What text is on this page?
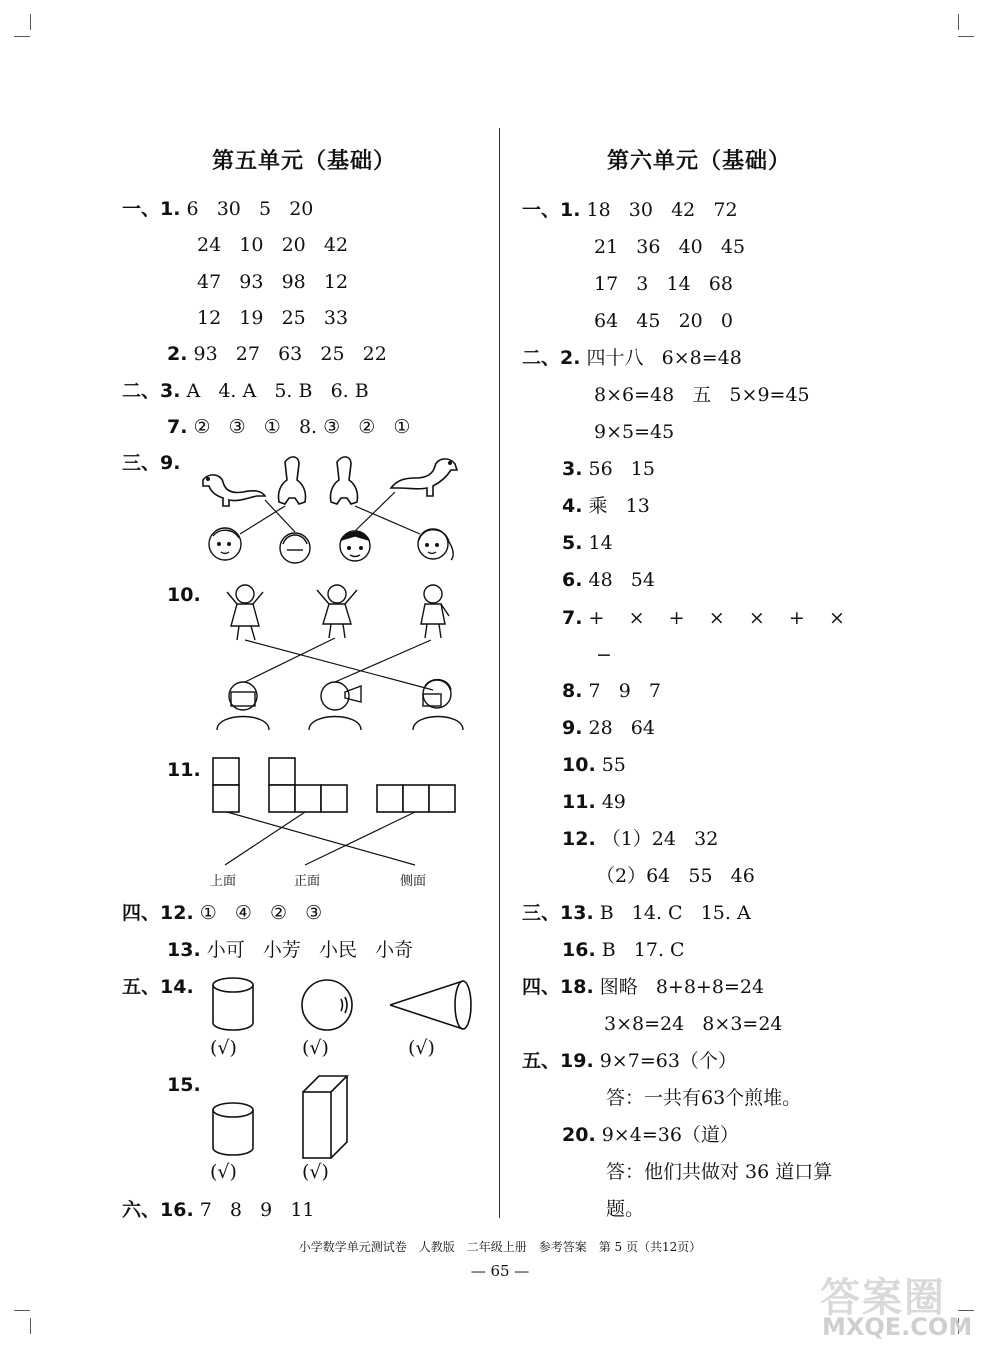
第五单元（基础）	第六单元（基础）
一、1. 6   30   5   20
24   10   20   42
47   93   98   12
12   19   25   33
2. 93   27   63   25   22
二、3. A   4. A   5. B   6. B
7. ②   ③   ①   8. ③   ②   ①
三、9.
10.
11.
四、12. ①   ④   ②   ③
13. 小可   小芳   小民   小奇
五、14.
15.
六、16. 7   8   9   11
上面	正面	侧面
(√)	(√)	(√)
(√)	(√)
一、1. 18   30   42   72
21   36   40   45
17   3   14   68
64   45   20   0
二、2. 四十八   6×8=48
8×6=48   五   5×9=45
9×5=45
3. 56   15
4. 乘   13
5. 14
6. 48   54
7. +    ×    +    ×    ×    +    ×
−
8. 7   9   7
9. 28   64
10. 55
11. 49
12. （1）24   32
（2）64   55   46
三、13. B   14. C   15. A
16. B   17. C
四、18. 图略   8+8+8=24
3×8=24   8×3=24
五、19. 9×7=63（个）
答：一共有63个煎堆。
20. 9×4=36（道）
答：他们共做对 36 道口算
题。
小学数学单元测试卷　人教版　二年级上册　参考答案　第 5 页（共12页）
— 65 —
答案圈
MXQE.COM
